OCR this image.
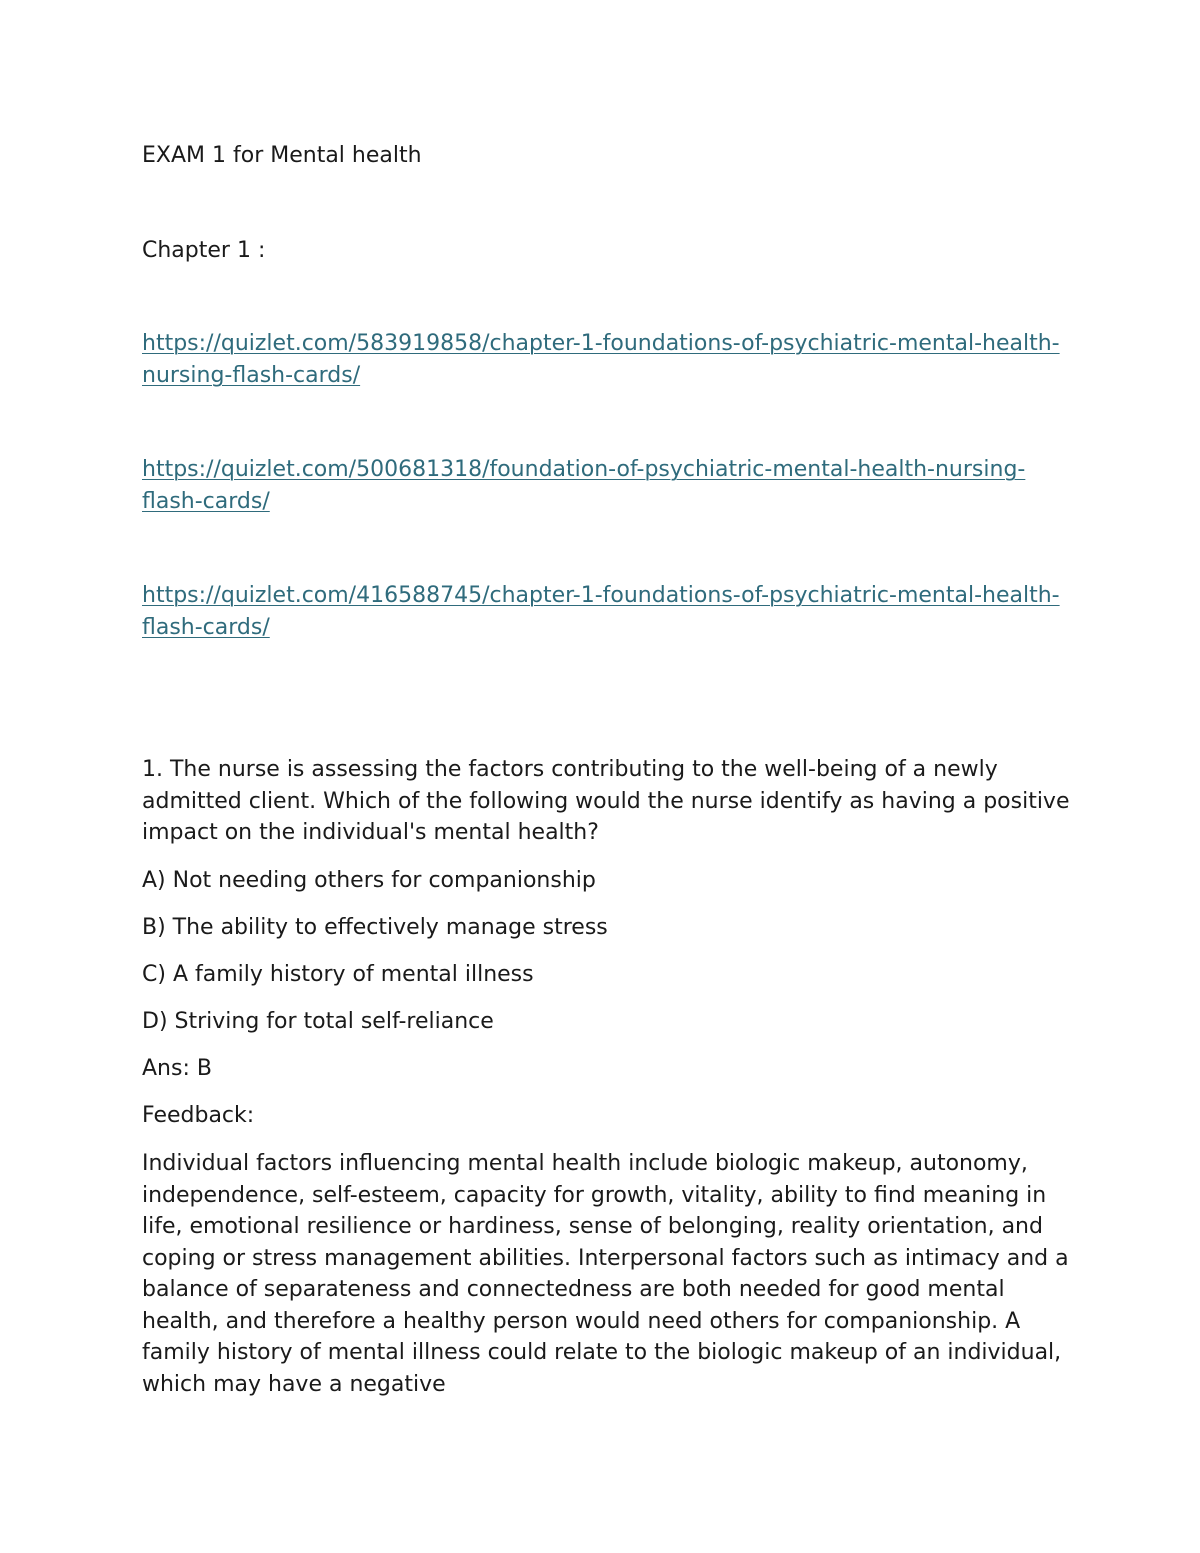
EXAM 1 for Mental health

Chapter 1 :

https://quizlet.com/583919858/chapter-1-foundations-of-psychiatric-mental-health-nursing-flash-cards/
https://quizlet.com/500681318/foundation-of-psychiatric-mental-health-nursing-flash-cards/
https://quizlet.com/416588745/chapter-1-foundations-of-psychiatric-mental-health-flash-cards/

1. The nurse is assessing the factors contributing to the well-being of a newly admitted client. Which of the following would the nurse identify as having a positive impact on the individual's mental health?

A) Not needing others for companionship

B) The ability to effectively manage stress

C) A family history of mental illness

D) Striving for total self-reliance

Ans: B

Feedback:

Individual factors influencing mental health include biologic makeup, autonomy, independence, self-esteem, capacity for growth, vitality, ability to find meaning in life, emotional resilience or hardiness, sense of belonging, reality orientation, and coping or stress management abilities. Interpersonal factors such as intimacy and a balance of separateness and connectedness are both needed for good mental health, and therefore a healthy person would need others for companionship. A family history of mental illness could relate to the biologic makeup of an individual, which may have a negative
